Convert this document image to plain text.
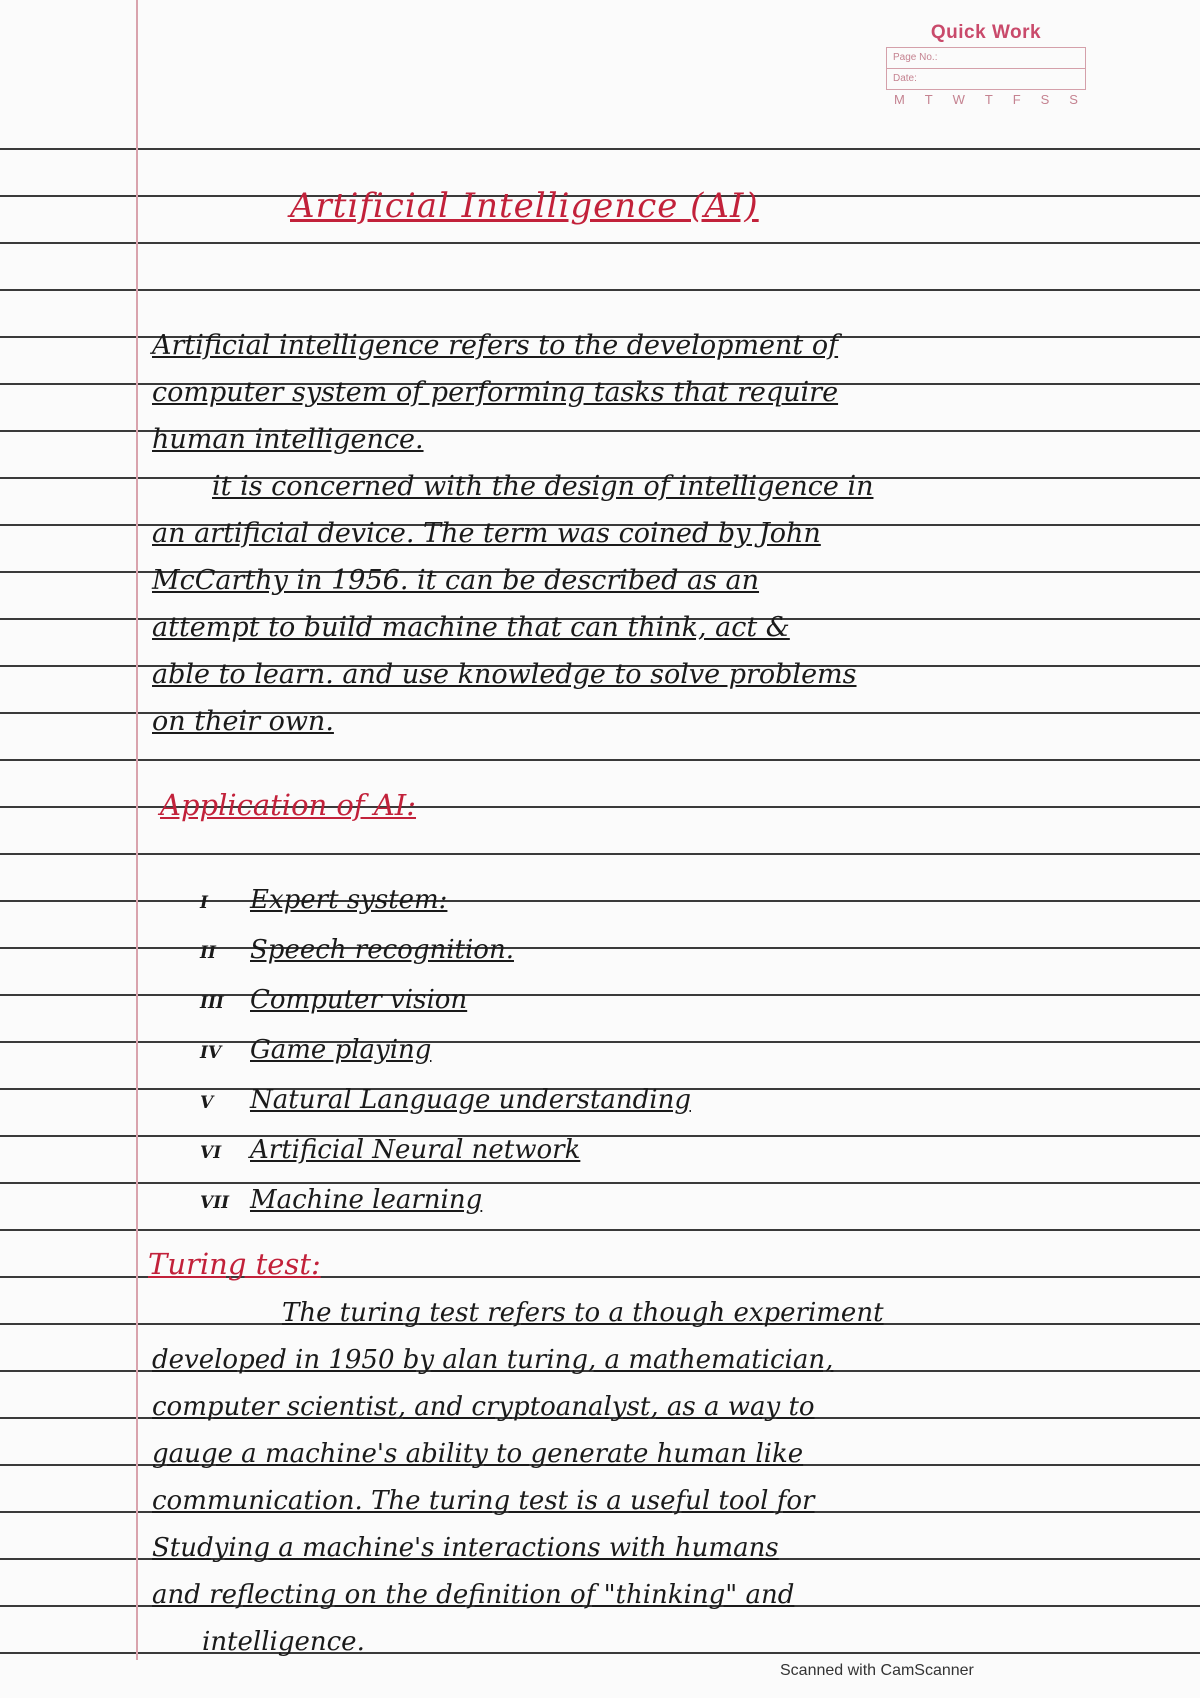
Quick Work
Page No.:
Date:
M T W T F S S
Artificial Intelligence (AI)

Artificial intelligence refers to the development of

computer system of performing tasks that require

human intelligence.

it is concerned with the design of intelligence in

an artificial device. The term was coined by John

McCarthy in 1956. it can be described as an

attempt to build machine that can think, act &

able to learn. and use knowledge to solve problems

on their own.

Application of AI:
I Expert system:
II Speech recognition.
III Computer vision
IV Game playing
V Natural Language understanding
VI Artificial Neural network
VII Machine learning
Turing test:

The turing test refers to a though experiment

developed in 1950 by alan turing, a mathematician,

computer scientist, and cryptoanalyst, as a way to

gauge a machine's ability to generate human like

communication. The turing test is a useful tool for

Studying a machine's interactions with humans

and reflecting on the definition of "thinking" and

intelligence.

Scanned with CamScanner
